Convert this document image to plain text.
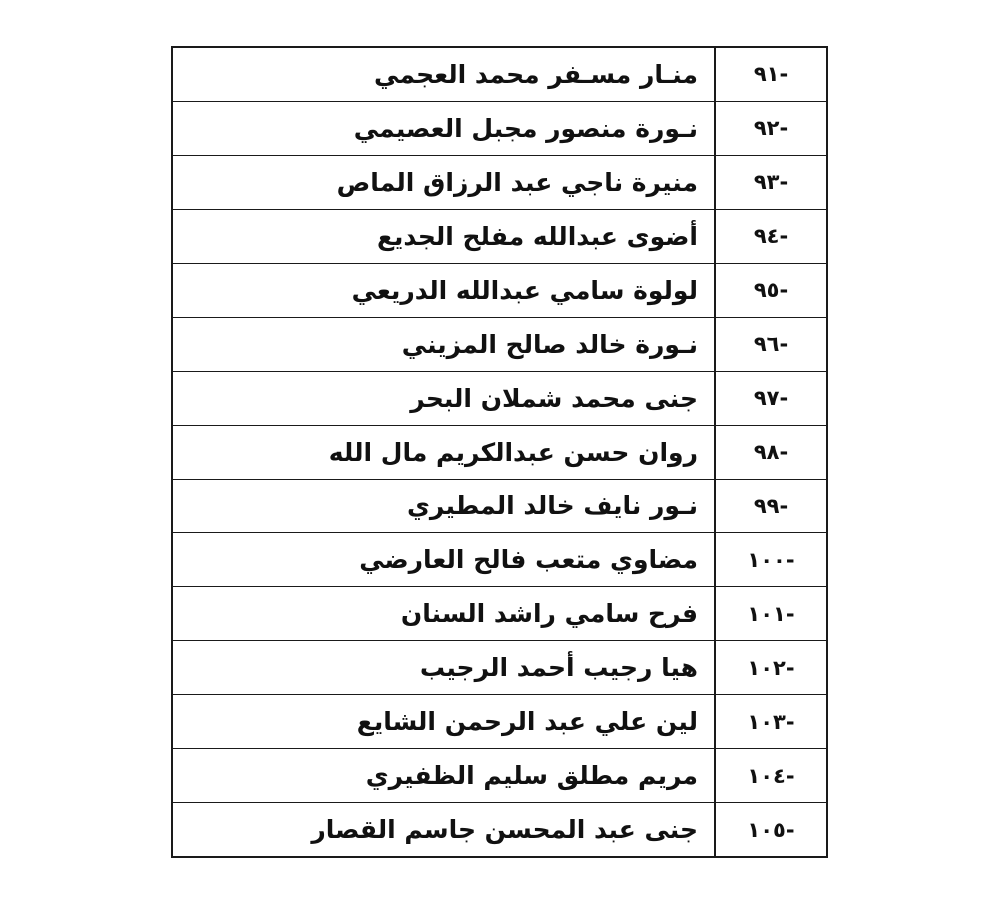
-٩١
منـار مسـفر محمد العجمي
-٩٢
نـورة منصور مجبل العصيمي
-٩٣
منيرة ناجي عبد الرزاق الماص
-٩٤
أضوى عبدالله مفلح الجديع
-٩٥
لولوة سامي عبدالله الدريعي
-٩٦
نـورة خالد صالح المزيني
-٩٧
جنى محمد شملان البحر
-٩٨
روان حسن عبدالكريم مال الله
-٩٩
نـور نايف خالد المطيري
-١٠٠
مضاوي متعب فالح العارضي
-١٠١
فرح سامي راشد السنان
-١٠٢
هيا رجيب أحمد الرجيب
-١٠٣
لين علي عبد الرحمن الشايع
-١٠٤
مريم مطلق سليم الظفيري
-١٠٥
جنى عبد المحسن جاسم القصار
